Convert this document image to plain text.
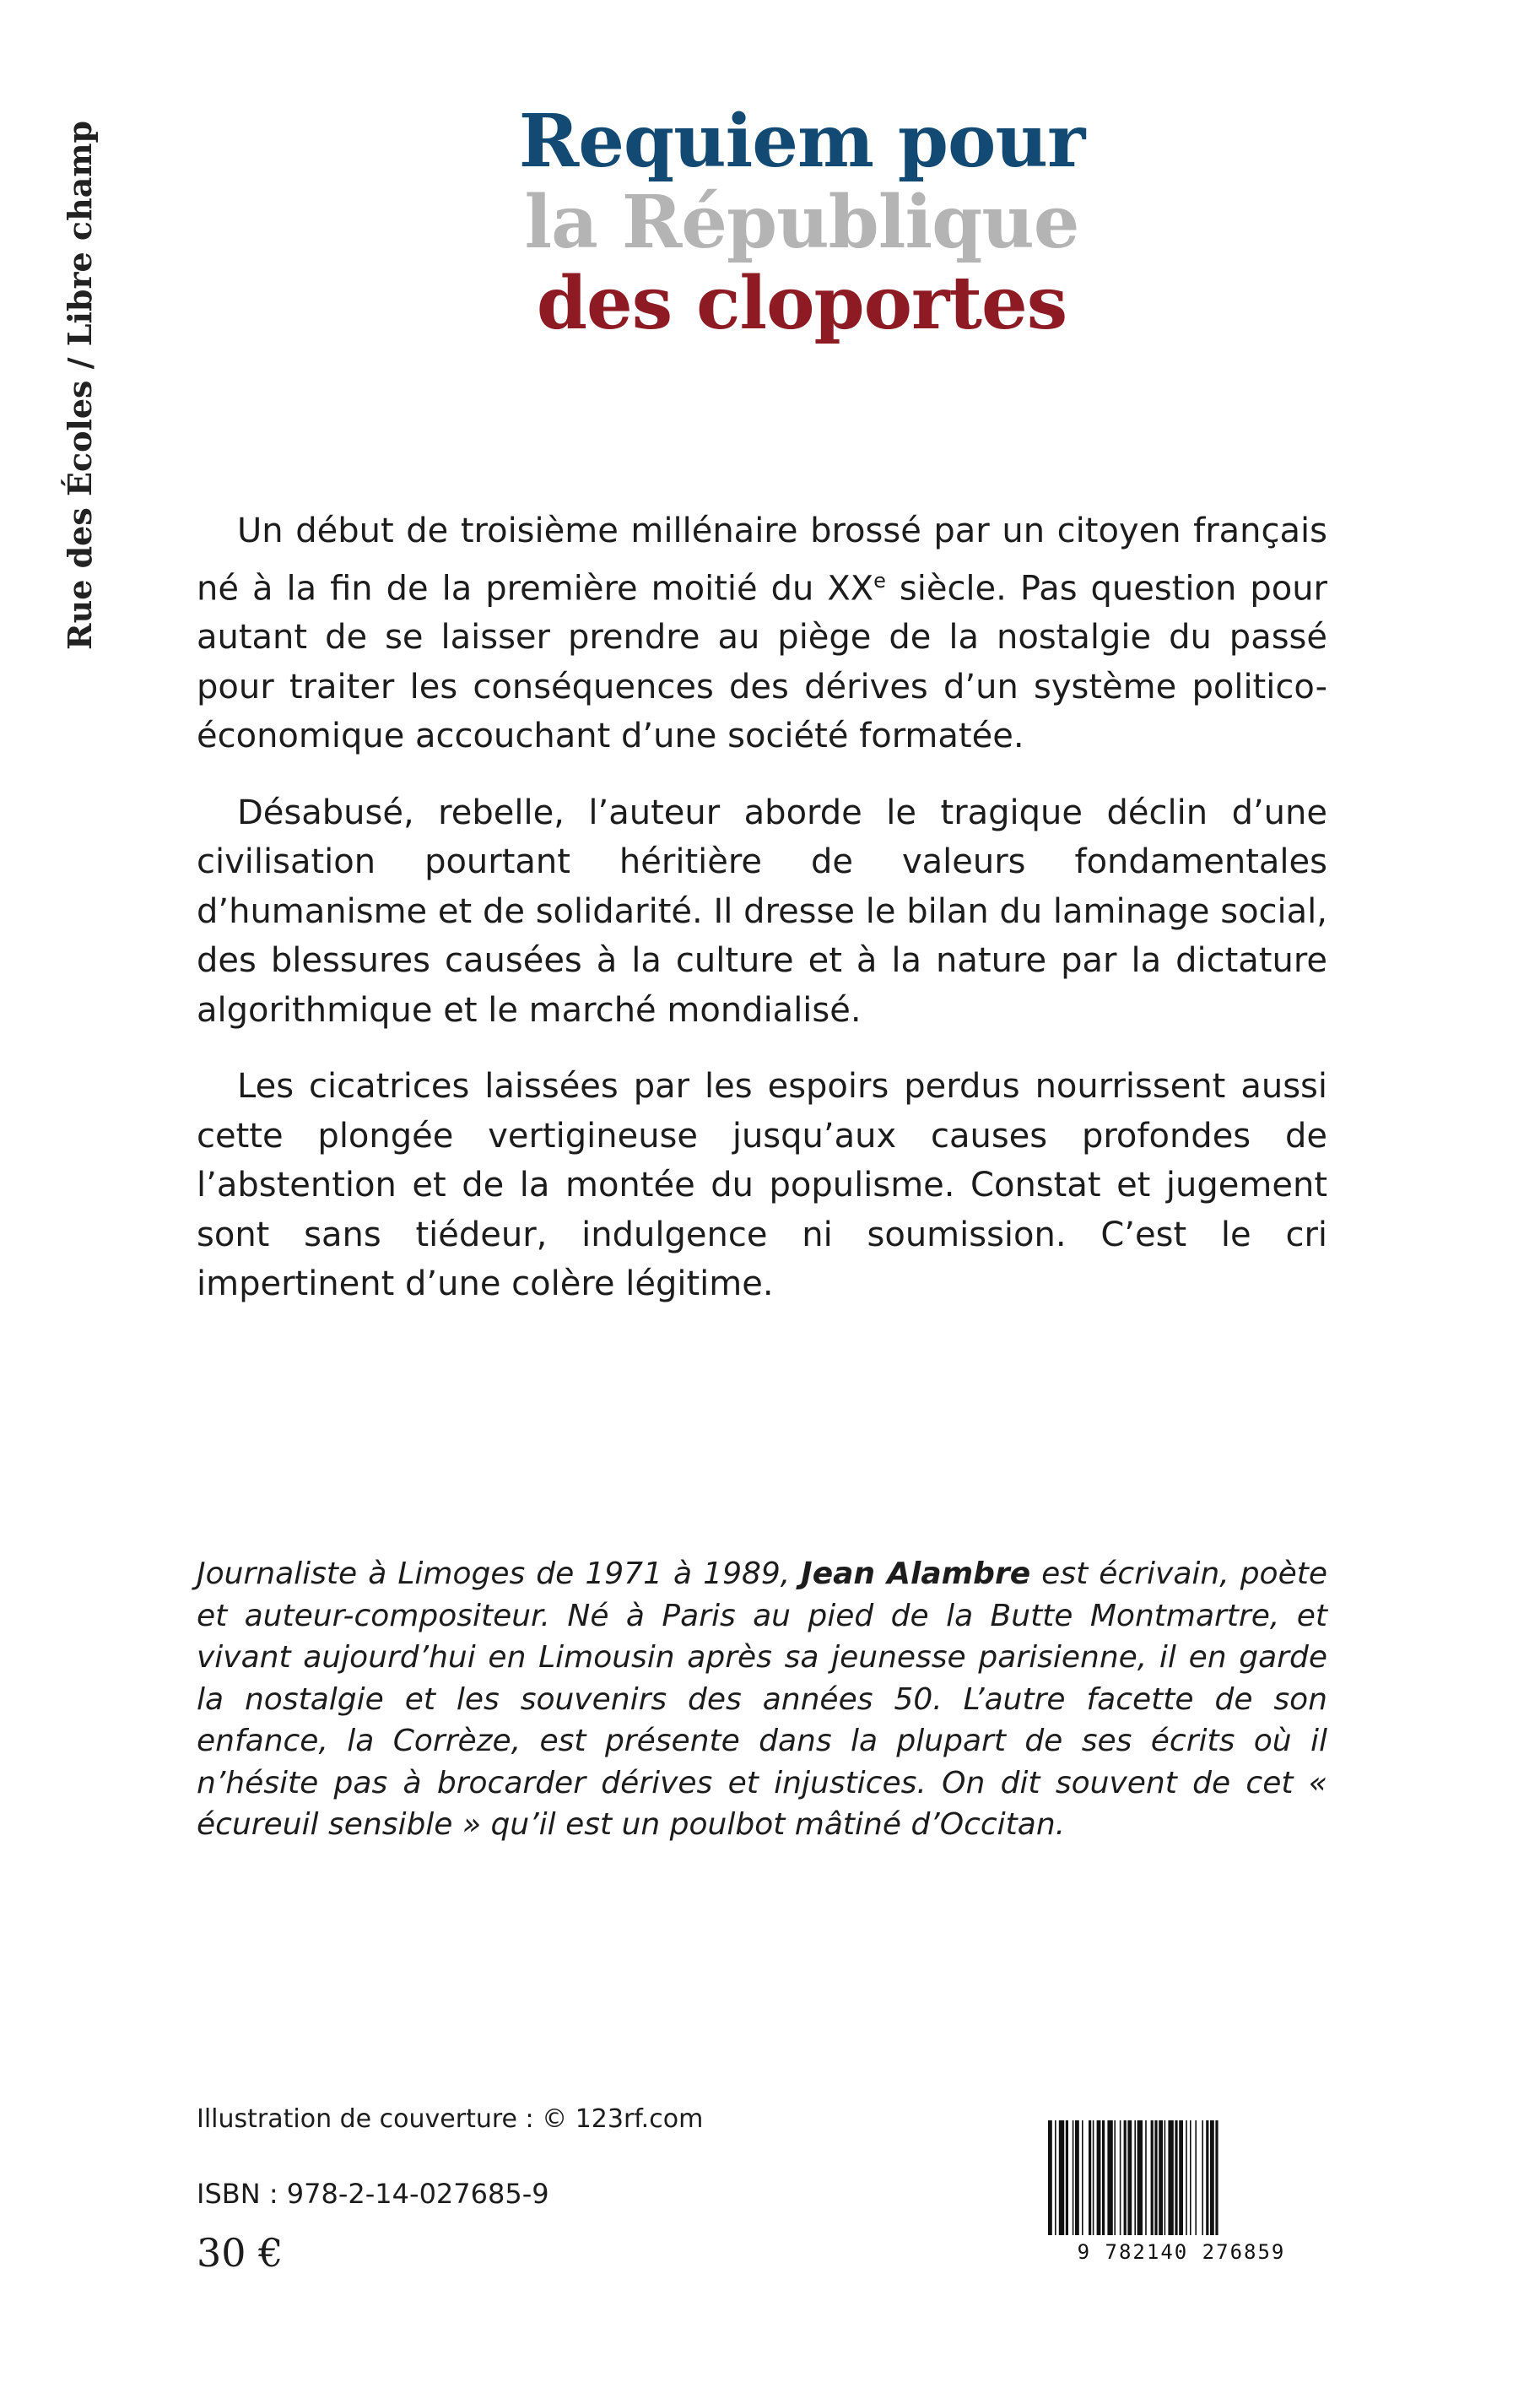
Rue des Écoles / Libre champ	Requiem pour
la République
des cloportes

Un début de troisième millénaire brossé par un citoyen français né à la fin de la première moitié du XXe siècle. Pas question pour autant de se laisser prendre au piège de la nostalgie du passé pour traiter les conséquences des dérives d’un système politico-économique accouchant d’une société formatée.

Désabusé, rebelle, l’auteur aborde le tragique déclin d’une civilisation pourtant héritière de valeurs fondamentales d’humanisme et de solidarité. Il dresse le bilan du laminage social, des blessures causées à la culture et à la nature par la dictature algorithmique et le marché mondialisé.

Les cicatrices laissées par les espoirs perdus nourrissent aussi cette plongée vertigineuse jusqu’aux causes profondes de l’abstention et de la montée du populisme. Constat et jugement sont sans tiédeur, indulgence ni soumission. C’est le cri impertinent d’une colère légitime.

Journaliste à Limoges de 1971 à 1989, Jean Alambre est écrivain, poète et auteur-compositeur. Né à Paris au pied de la Butte Montmartre, et vivant aujourd’hui en Limousin après sa jeunesse parisienne, il en garde la nostalgie et les souvenirs des années 50. L’autre facette de son enfance, la Corrèze, est présente dans la plupart de ses écrits où il n’hésite pas à brocarder dérives et injustices. On dit souvent de cet « écureuil sensible » qu’il est un poulbot mâtiné d’Occitan.

Illustration de couverture : © 123rf.com
ISBN : 978-2-14-027685-9
30 €	9 782140 276859
